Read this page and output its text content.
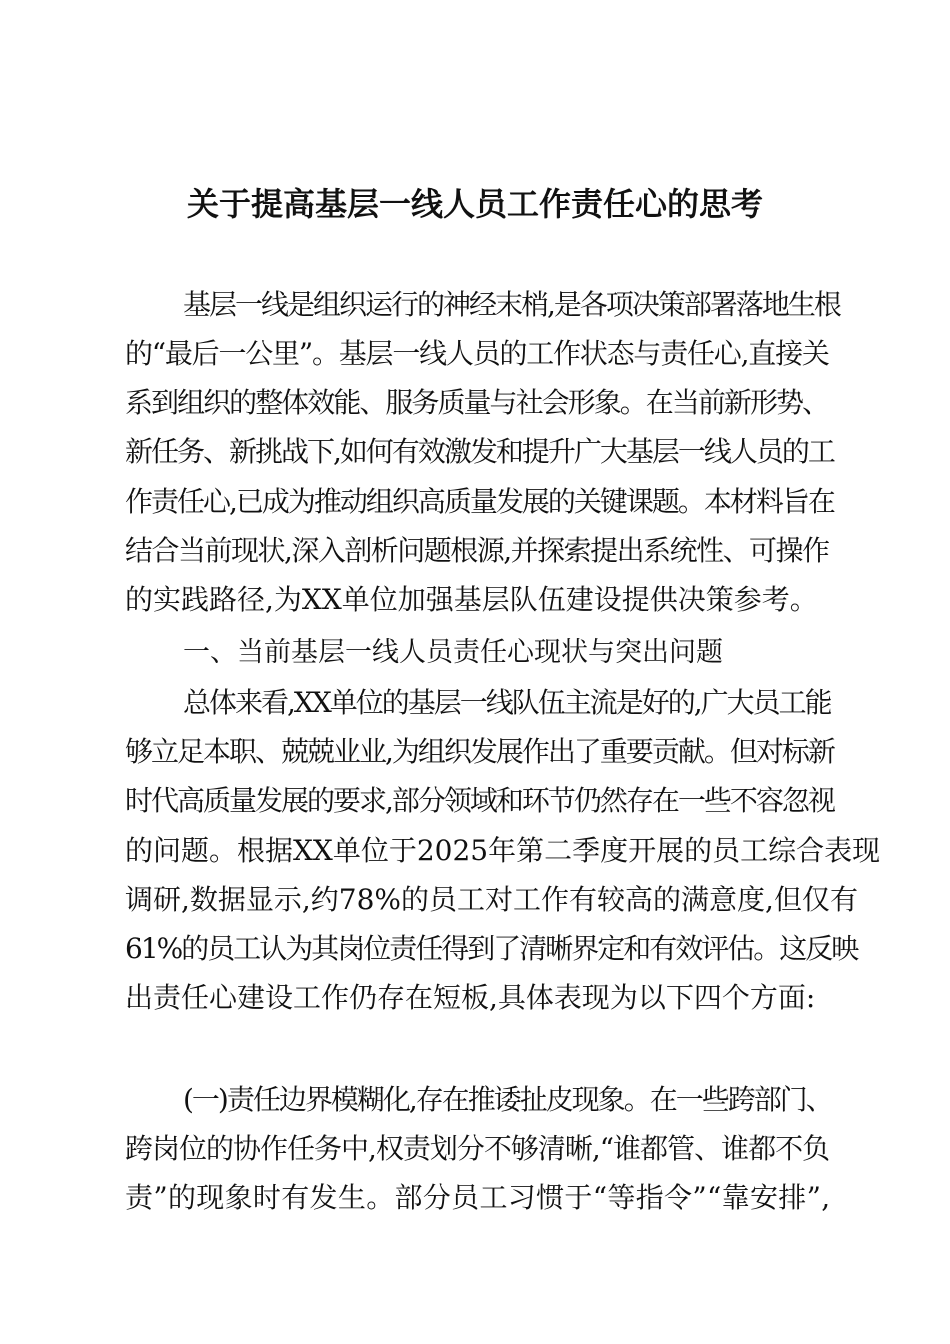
关于提高基层一线人员工作责任心的思考
基层一线是组织运行的神经末梢,是各项决策部署落地生根
的“最后一公里”。基层一线人员的工作状态与责任心,直接关
系到组织的整体效能、服务质量与社会形象。在当前新形势、
新任务、新挑战下,如何有效激发和提升广大基层一线人员的工
作责任心,已成为推动组织高质量发展的关键课题。本材料旨在
结合当前现状,深入剖析问题根源,并探索提出系统性、可操作
的实践路径,为XX单位加强基层队伍建设提供决策参考。
一、当前基层一线人员责任心现状与突出问题
总体来看,XX单位的基层一线队伍主流是好的,广大员工能
够立足本职、兢兢业业,为组织发展作出了重要贡献。但对标新
时代高质量发展的要求,部分领域和环节仍然存在一些不容忽视
的问题。根据XX单位于2025年第二季度开展的员工综合表现
调研,数据显示,约78%的员工对工作有较高的满意度,但仅有
61%的员工认为其岗位责任得到了清晰界定和有效评估。这反映
出责任心建设工作仍存在短板,具体表现为以下四个方面:
(一)责任边界模糊化,存在推诿扯皮现象。在一些跨部门、
跨岗位的协作任务中,权责划分不够清晰,“谁都管、谁都不负
责”的现象时有发生。部分员工习惯于“等指令”“靠安排”,
